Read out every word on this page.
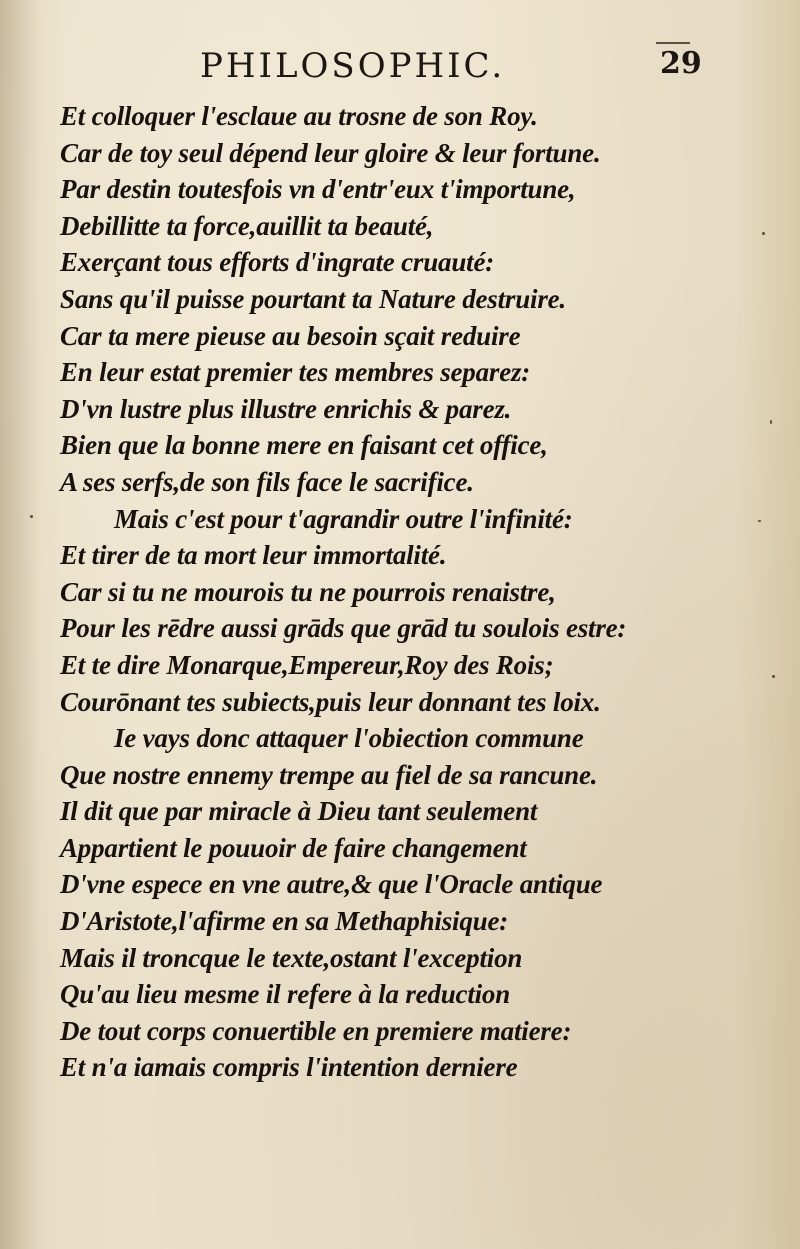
PHILOSOPHIC.	29
Et colloquer l'esclaue au trosne de son Roy.
Car de toy seul dépend leur gloire & leur fortune.
Par destin toutesfois vn d'entr'eux t'importune,
Debillitte ta force,auillit ta beauté,
Exerçant tous efforts d'ingrate cruauté:
Sans qu'il puisse pourtant ta Nature destruire.
Car ta mere pieuse au besoin sçait reduire
En leur estat premier tes membres separez:
D'vn lustre plus illustre enrichis & parez.
Bien que la bonne mere en faisant cet office,
A ses serfs,de son fils face le sacrifice.
Mais c'est pour t'agrandir outre l'infinité:
Et tirer de ta mort leur immortalité.
Car si tu ne mourois tu ne pourrois renaistre,
Pour les rēdre aussi grāds que grād tu soulois estre:
Et te dire Monarque,Empereur,Roy des Rois;
Courōnant tes subiects,puis leur donnant tes loix.
Ie vays donc attaquer l'obiection commune
Que nostre ennemy trempe au fiel de sa rancune.
Il dit que par miracle à Dieu tant seulement
Appartient le pouuoir de faire changement
D'vne espece en vne autre,& que l'Oracle antique
D'Aristote,l'afirme en sa Methaphisique:
Mais il troncque le texte,ostant l'exception
Qu'au lieu mesme il refere à la reduction
De tout corps conuertible en premiere matiere:
Et n'a iamais compris l'intention derniere
